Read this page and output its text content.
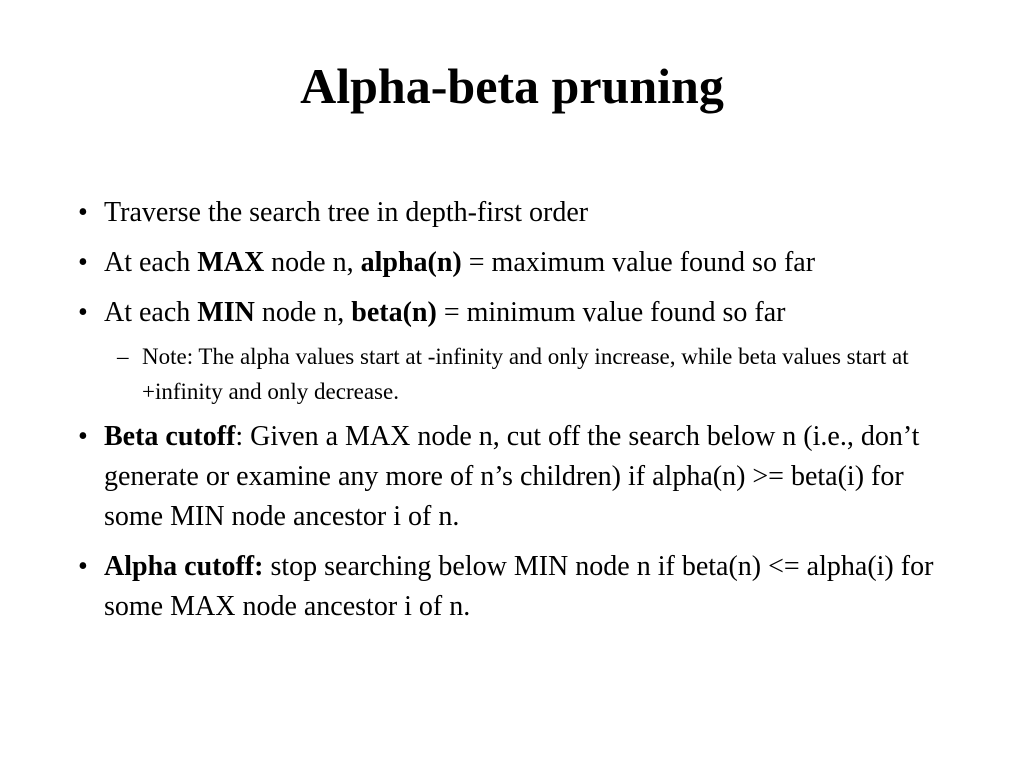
Alpha-beta pruning
• Traverse the search tree in depth-first order
• At each MAX node n, alpha(n) = maximum value found so far
• At each MIN node n, beta(n) = minimum value found so far
– Note: The alpha values start at -infinity and only increase, while beta values start at +infinity and only decrease.
• Beta cutoff: Given a MAX node n, cut off the search below n (i.e., don’t generate or examine any more of n’s children) if alpha(n) >= beta(i) for some MIN node ancestor i of n.
• Alpha cutoff: stop searching below MIN node n if beta(n) <= alpha(i) for some MAX node ancestor i of n.
